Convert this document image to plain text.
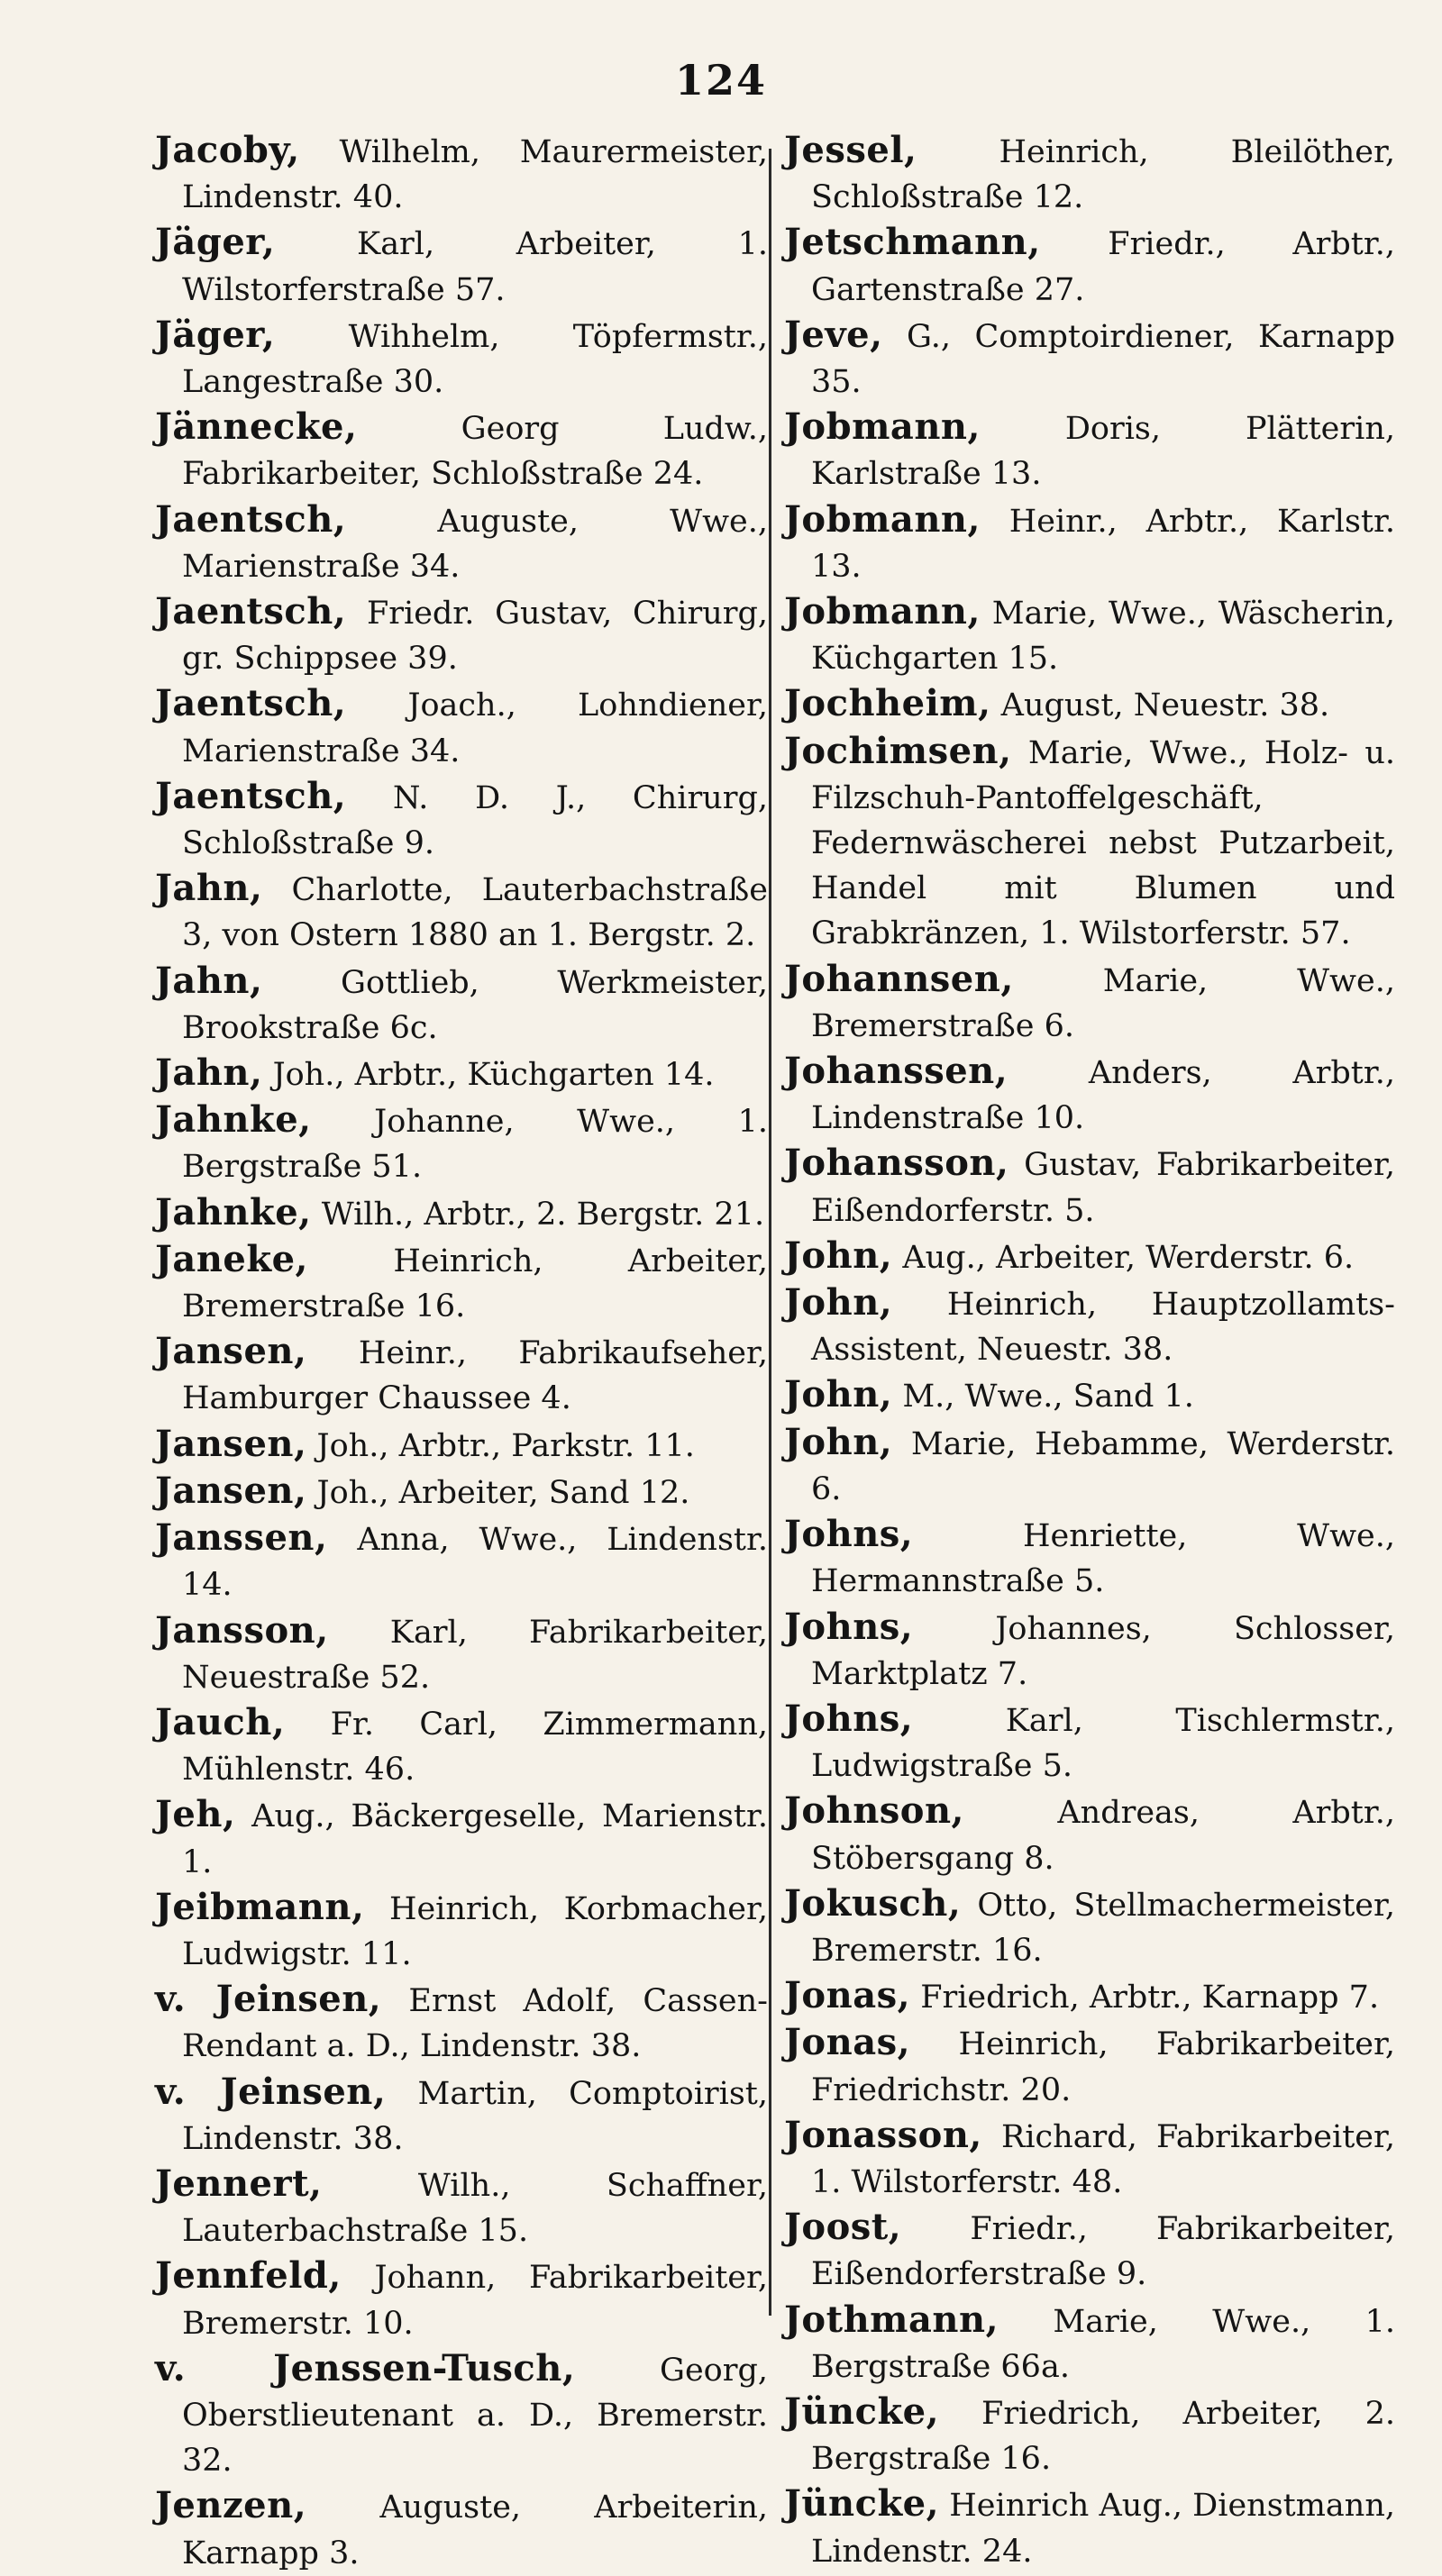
124

Jacoby, Wilhelm, Maurermeister, Lindenstr. 40.

Jäger,	Karl, Arbeiter, 1. Wilstorferstraße 57.

Jäger, Wihhelm, Töpfermstr., Langestraße 30.

Jännecke,	Georg Ludw., Fabrikarbeiter, Schloßstraße 24.

Jaentsch,	Auguste, Wwe., Marienstraße 34.

Jaentsch, Friedr. Gustav, Chirurg, gr. Schippsee 39.

Jaentsch, Joach., Lohndiener, Marienstraße 34.

Jaentsch, N. D. J., Chirurg, Schloßstraße 9.

Jahn, Charlotte, Lauterbachstraße 3, von Ostern 1880 an 1. Bergstr. 2.

Jahn, Gottlieb, Werkmeister, Brookstraße 6c.

Jahn, Joh., Arbtr., Küchgarten 14.

Jahnke, Johanne, Wwe., 1. Bergstraße 51.

Jahnke, Wilh., Arbtr., 2. Bergstr. 21.

Janeke,	Heinrich, Arbeiter, Bremerstraße 16.

Jansen, Heinr., Fabrikaufseher, Hamburger Chaussee 4.

Jansen, Joh., Arbtr., Parkstr. 11.

Jansen, Joh., Arbeiter, Sand 12.

Janssen, Anna, Wwe., Lindenstr. 14.

Jansson, Karl, Fabrikarbeiter, Neuestraße 52.

Jauch, Fr. Carl, Zimmermann, Mühlenstr. 46.

Jeh, Aug., Bäckergeselle, Marienstr. 1.

Jeibmann, Heinrich, Korbmacher, Ludwigstr. 11.

v. Jeinsen, Ernst Adolf, Cassen-Rendant a. D., Lindenstr. 38.

v. Jeinsen, Martin, Comptoirist, Lindenstr. 38.

Jennert,	Wilh., Schaffner, Lauterbachstraße 15.

Jennfeld, Johann, Fabrikarbeiter, Bremerstr. 10.

v. Jenssen-Tusch,	Georg, Oberstlieutenant a. D., Bremerstr. 32.

Jenzen, Auguste, Arbeiterin, Karnapp 3.

Jessel,	Heinrich, Bleilöther, Schloßstraße 12.

Jetschmann, Friedr., Arbtr., Gartenstraße 27.

Jeve, G., Comptoirdiener, Karnapp 35.

Jobmann,	Doris, Plätterin, Karlstraße 13.

Jobmann, Heinr., Arbtr., Karlstr. 13.

Jobmann, Marie, Wwe., Wäscherin, Küchgarten 15.

Jochheim, August, Neuestr. 38.

Jochimsen, Marie, Wwe., Holz- u. Filzschuh-Pantoffelgeschäft, Federnwäscherei nebst Putzarbeit, Handel mit Blumen und Grabkränzen, 1. Wilstorferstr. 57.

Johannsen,	Marie, Wwe., Bremerstraße 6.

Johanssen,	Anders, Arbtr., Lindenstraße 10.

Johansson, Gustav, Fabrikarbeiter, Eißendorferstr. 5.

John, Aug., Arbeiter, Werderstr. 6.

John, Heinrich, Hauptzollamts-Assistent, Neuestr. 38.

John, M., Wwe., Sand 1.

John, Marie, Hebamme, Werderstr. 6.

Johns,	Henriette, Wwe., Hermannstraße 5.

Johns,	Johannes, Schlosser, Marktplatz 7.

Johns,	Karl, Tischlermstr., Ludwigstraße 5.

Johnson,	Andreas, Arbtr., Stöbersgang 8.

Jokusch, Otto, Stellmachermeister, Bremerstr. 16.

Jonas, Friedrich, Arbtr., Karnapp 7.

Jonas, Heinrich, Fabrikarbeiter, Friedrichstr. 20.

Jonasson, Richard, Fabrikarbeiter, 1. Wilstorferstr. 48.

Joost, Friedr., Fabrikarbeiter, Eißendorferstraße 9.

Jothmann, Marie, Wwe., 1. Bergstraße 66a.

Jüncke, Friedrich, Arbeiter, 2. Bergstraße 16.

Jüncke, Heinrich Aug., Dienstmann, Lindenstr. 24.
